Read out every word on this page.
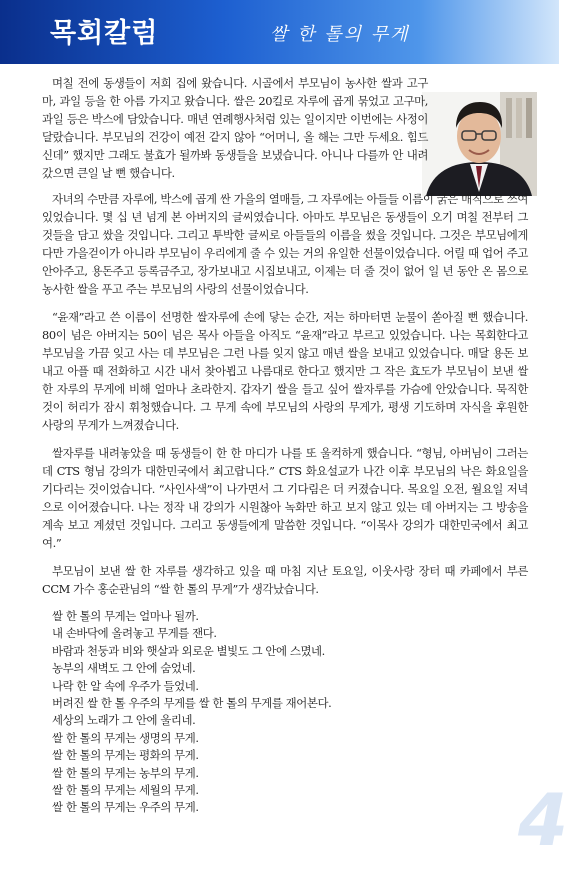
목회칼럼	쌀 한 톨의 무게

며칠 전에 동생들이 저희 집에 왔습니다. 시골에서 부모님이 농사한 쌀과 고구마, 과일 등을 한 아름 가지고 왔습니다. 쌀은 20킬로 자루에 곱게 묶었고 고구마, 과일 등은 박스에 담았습니다. 매년 연례행사처럼 있는 일이지만 이번에는 사정이 달랐습니다. 부모님의 건강이 예전 같지 않아 “어머니, 올 해는 그만 두세요. 힘드신데” 했지만 그래도 불효가 될까봐 동생들을 보냈습니다. 아니나 다를까 안 내려갔으면 큰일 날 뻔 했습니다.

자녀의 수만큼 자루에, 박스에 곱게 싼 가을의 열매들, 그 자루에는 아들들 이름이 굵은 매직으로 쓰여 있었습니다. 몇 십 년 넘게 본 아버지의 글씨였습니다. 아마도 부모님은 동생들이 오기 며칠 전부터 그것들을 담고 쌌을 것입니다. 그리고 투박한 글씨로 아들들의 이름을 썼을 것입니다. 그것은 부모님에게 다만 가을걷이가 아니라 부모님이 우리에게 줄 수 있는 거의 유일한 선물이었습니다. 어릴 때 업어 주고 안아주고, 용돈주고 등록금주고, 장가보내고 시집보내고, 이제는 더 줄 것이 없어 일 년 동안 온 몸으로 농사한 쌀을 푸고 주는 부모님의 사랑의 선물이었습니다.

“윤재”라고 쓴 이름이 선명한 쌀자루에 손에 닿는 순간, 저는 하마터면 눈물이 쏟아질 뻔 했습니다. 80이 넘은 아버지는 50이 넘은 목사 아들을 아직도 “윤재”라고 부르고 있었습니다. 나는 목회한다고 부모님을 가끔 잊고 사는 데 부모님은 그런 나를 잊지 않고 매년 쌀을 보내고 있었습니다. 매달 용돈 보내고 아플 때 전화하고 시간 내서 찾아뵙고 나름대로 한다고 했지만 그 작은 효도가 부모님이 보낸 쌀 한 자루의 무게에 비해 얼마나 초라한지. 갑자기 쌀을 들고 싶어 쌀자루를 가슴에 안았습니다. 묵직한 것이 허리가 잠시 휘청했습니다. 그 무게 속에 부모님의 사랑의 무게가, 평생 기도하며 자식을 후원한 사랑의 무게가 느껴졌습니다.

쌀자루를 내려놓았을 때 동생들이 한 한 마디가 나를 또 울컥하게 했습니다. “형님, 아버님이 그러는데 CTS 형님 강의가 대한민국에서 최고랍니다.” CTS 화요설교가 나간 이후 부모님의 낙은 화요일을 기다리는 것이었습니다. “사인사색”이 나가면서 그 기다림은 더 커졌습니다. 목요일 오전, 월요일 저녁으로 이어졌습니다. 나는 정작 내 강의가 시원찮아 녹화만 하고 보지 않고 있는 데 아버지는 그 방송을 계속 보고 계셨던 것입니다. 그리고 동생들에게 말씀한 것입니다. “이목사 강의가 대한민국에서 최고여.”

부모님이 보낸 쌀 한 자루를 생각하고 있을 때 마침 지난 토요일, 이웃사랑 장터 때 카페에서 부른 CCM 가수 홍순관님의 “쌀 한 톨의 무게”가 생각났습니다.

쌀 한 톨의 무게는 얼마나 될까.
내 손바닥에 올려놓고 무게를 잰다.
바람과 천둥과 비와 햇살과 외로운 별빛도 그 안에 스몄네.
농부의 새벽도 그 안에 숨었네.
나락 한 알 속에 우주가 들었네.
버려진 쌀 한 톨 우주의 무게를 쌀 한 톨의 무게를 재어본다.
세상의 노래가 그 안에 울리네.
쌀 한 톨의 무게는 생명의 무게.
쌀 한 톨의 무게는 평화의 무게.
쌀 한 톨의 무게는 농부의 무게.
쌀 한 톨의 무게는 세월의 무게.
쌀 한 톨의 무게는 우주의 무게.	4
